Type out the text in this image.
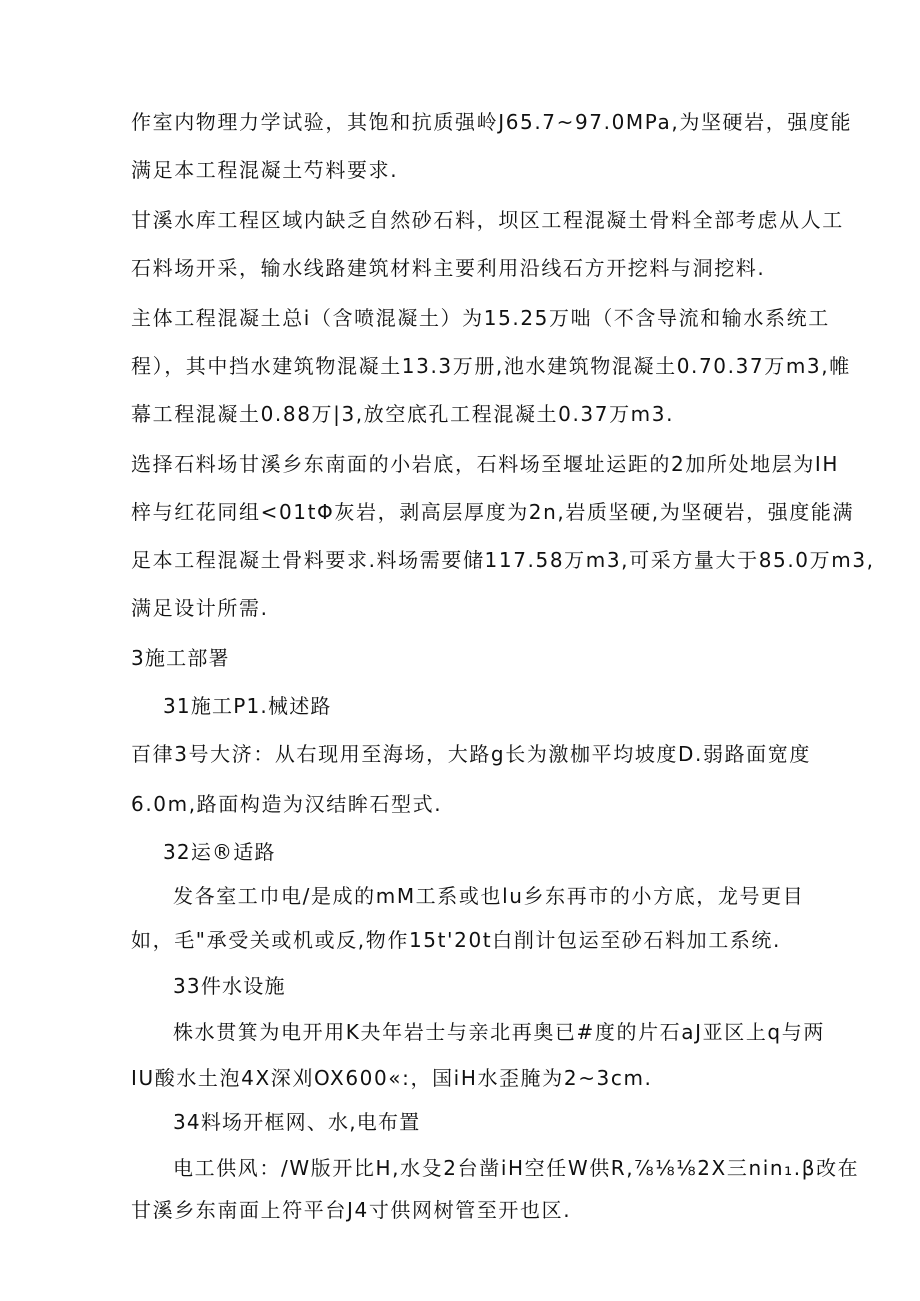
作室内物理力学试验，其饱和抗质强岭J65.7~97.0MPa,为坚硬岩，强度能

满足本工程混凝土芍料要求.

甘溪水库工程区域内缺乏自然砂石料，坝区工程混凝土骨料全部考虑从人工

石料场开采，输水线路建筑材料主要利用沿线石方开挖料与洞挖料.

主体工程混凝土总i（含喷混凝土）为15.25万咄（不含导流和输水系统工

程），其中挡水建筑物混凝土13.3万册,池水建筑物混凝土0.70.37万m3,帷

幕工程混凝土0.88万|3,放空底孔工程混凝土0.37万m3.

选择石料场甘溪乡东南面的小岩底，石料场至堰址运距的2加所处地层为IH

梓与红花同组<01tΦ灰岩，剥高层厚度为2n,岩质坚硬,为坚硬岩，强度能满

足本工程混凝土骨料要求.料场需要储117.58万m3,可采方量大于85.0万m3,

满足设计所需.

3施工部署

31施工P1.械述路

百律3号大济：从右现用至海场，大路g长为激枷平均坡度D.弱路面宽度

6.0m,路面构造为汉结眸石型式.

32运®适路

发各室工巾电/是成的mM工系或也lu乡东再市的小方底，龙号更目

如，毛"承受关或机或反,物作15t'20t白削计包运至砂石料加工系统.

33件水设施

株水贯箕为电开用K夬年岩士与亲北再奥已#度的片石aJ亚区上q与两

IU酸水土泡4X深刈OX600«:，国iH水歪腌为2~3cm.

34料场开框网、水,电布置

电工供风：/W版开比H,水殳2台凿iH空任W供R,⅞⅛⅛2X三nin₁.β改在

甘溪乡东南面上符平台J4寸供网树管至开也区.
